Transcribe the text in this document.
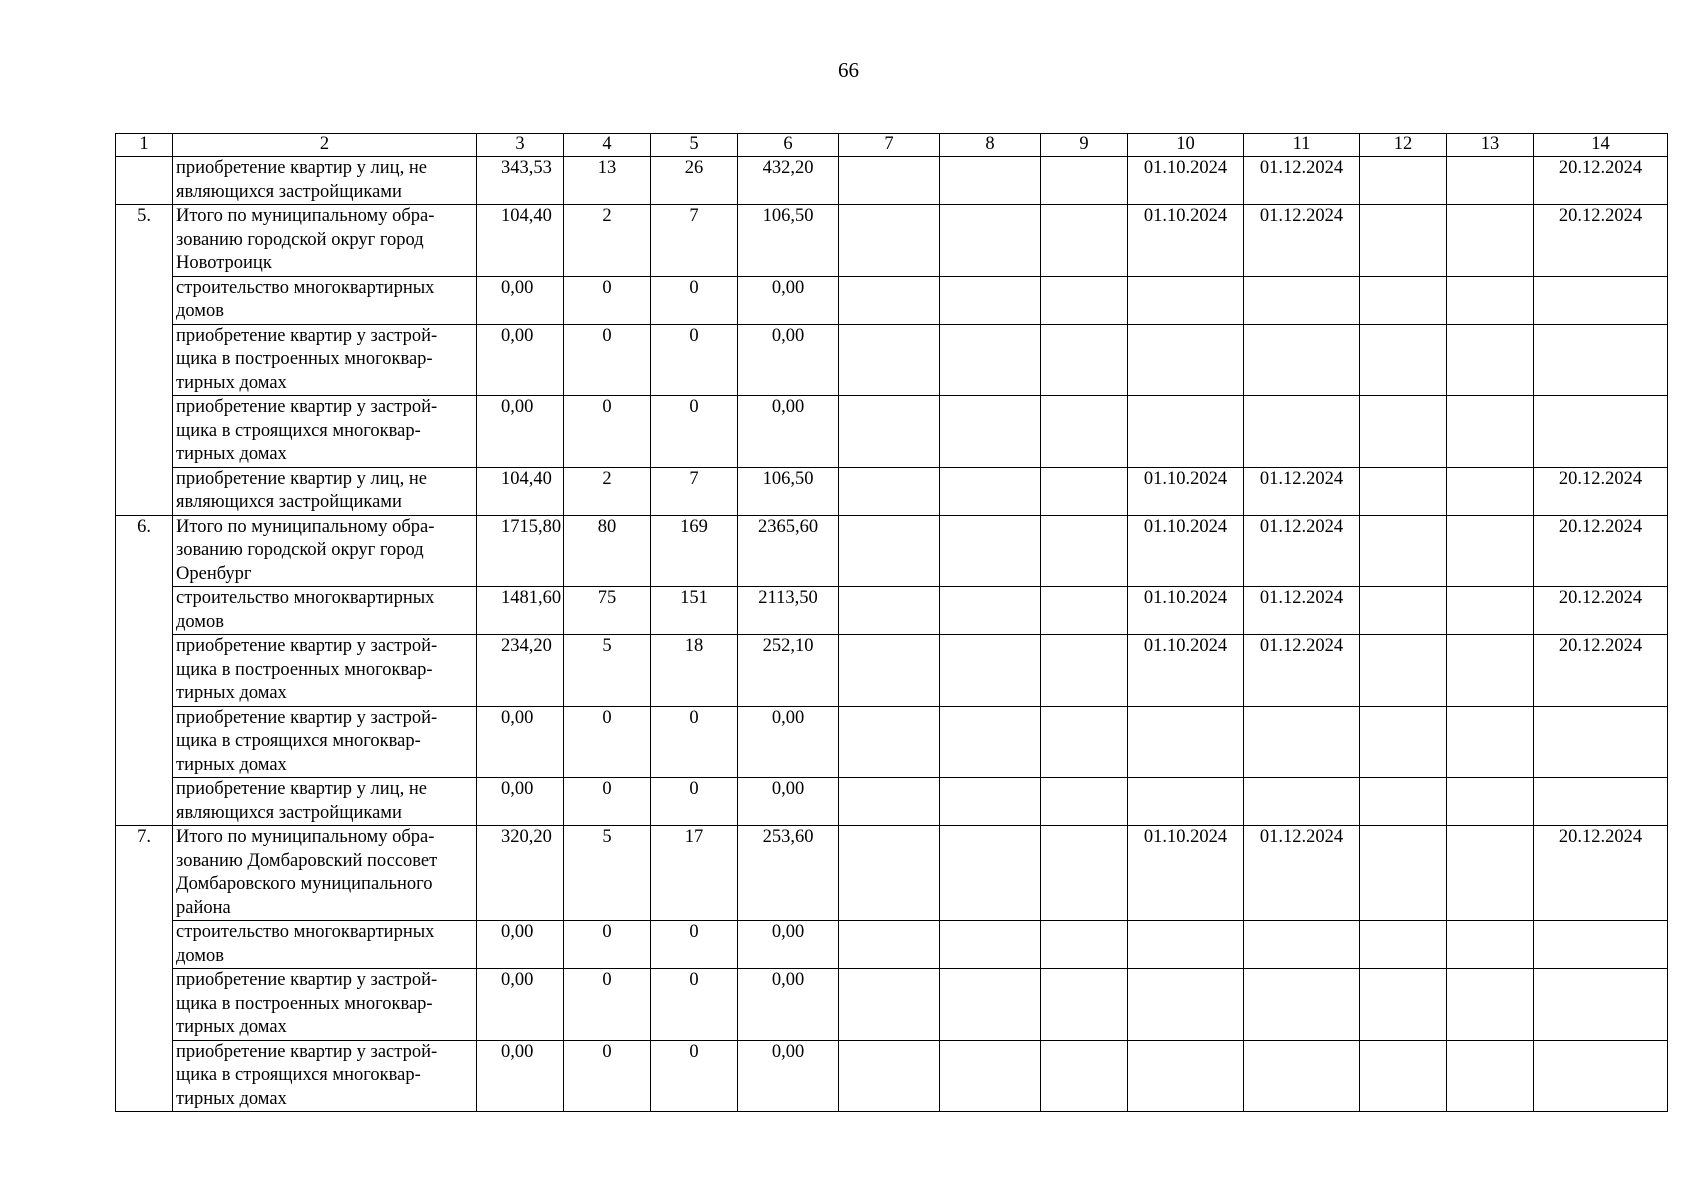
66
1	2	3	4	5	6	7	8	9	10	11	12	13	14
	приобретение квартир у лиц, не являющихся застройщиками	343,53	13	26	432,20				01.10.2024	01.12.2024			20.12.2024
5.	Итого по муниципальному обра-зованию городской округ город Новотроицк	104,40	2	7	106,50				01.10.2024	01.12.2024			20.12.2024
	строительство многоквартирных домов	0,00	0	0	0,00								
	приобретение квартир у застрой-щика в построенных многоквар-тирных домах	0,00	0	0	0,00								
	приобретение квартир у застрой-щика в строящихся многоквар-тирных домах	0,00	0	0	0,00								
	приобретение квартир у лиц, не являющихся застройщиками	104,40	2	7	106,50				01.10.2024	01.12.2024			20.12.2024
6.	Итого по муниципальному обра-зованию городской округ город Оренбург	1715,80	80	169	2365,60				01.10.2024	01.12.2024			20.12.2024
	строительство многоквартирных домов	1481,60	75	151	2113,50				01.10.2024	01.12.2024			20.12.2024
	приобретение квартир у застрой-щика в построенных многоквар-тирных домах	234,20	5	18	252,10				01.10.2024	01.12.2024			20.12.2024
	приобретение квартир у застрой-щика в строящихся многоквар-тирных домах	0,00	0	0	0,00								
	приобретение квартир у лиц, не являющихся застройщиками	0,00	0	0	0,00								
7.	Итого по муниципальному обра-зованию Домбаровский поссовет Домбаровского муниципального района	320,20	5	17	253,60				01.10.2024	01.12.2024			20.12.2024
	строительство многоквартирных домов	0,00	0	0	0,00								
	приобретение квартир у застрой-щика в построенных многоквар-тирных домах	0,00	0	0	0,00								
	приобретение квартир у застрой-щика в строящихся многоквар-тирных домах	0,00	0	0	0,00								
